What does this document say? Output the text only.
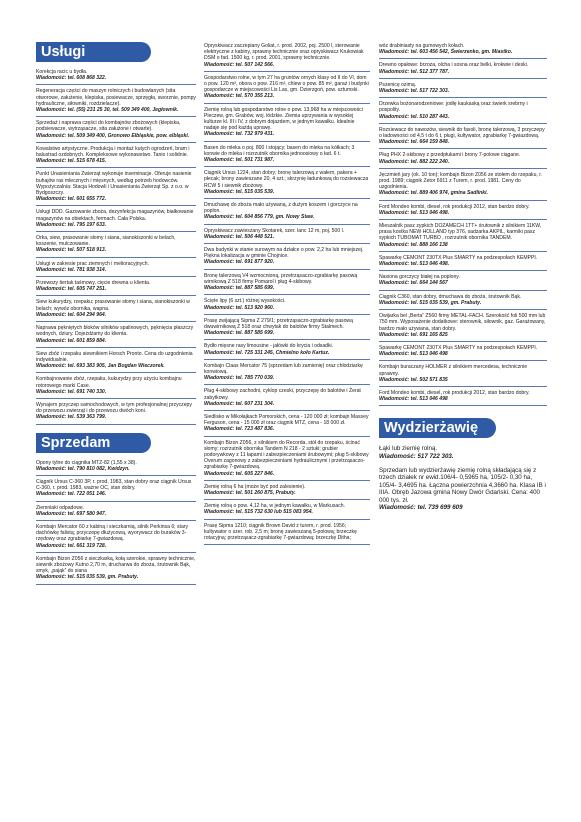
Usługi
Korekcja racic u bydła.
Wiadomość: tel. 608 868 322.
Regeneracja części do maszyn rolniczych i budowlanych (sita otworowe, załużenie, klepiska, posiewacze, sprzęgła, sworznie, pompy hydrauliczne, siłowniki, rozdzielacze).
Wiadomość: tel. (55) 231 25 30, tel. 509 349 400, Jegłownik.
Sprzedaż i naprawa części do kombajnów zbożowych (klepiska, podsiewacze, wytrząsacze, sita załużone i otwarte).
Wiadomość: tel. 509 349 400, Gronowo Elbląskie, pow. elbląski.
Kowalstwo artystyczne. Produkcja i montaż kutych ogrodzeń, bram i balustrad ozdobnych. Kompleksowe wykonawstwo. Tanio i solidnie.
Wiadomość: tel. 515 678 415.
Punkt Unasieniania Zwierząt wykonuje inseminacje. Oferuje nasienie buhajów ras mlecznych i mięsnych, według potrzeb hodowców. Wypożyczalnia: Stacja Hodowli i Unasieniania Zwierząt Sp. z o.o. w Bydgoszczy.
Wiadomość: tel. 601 655 772.
Usługi DDD. Gazowanie zboża, dezynfekcja magazynów, białkowanie magazynów na obiektach, fermach. Cała Polska.
Wiadomość: tel. 795 197 633.
Orka, siew, prasowanie słomy i siana, sianokiszonki w belach, koszenie, mulczowanie.
Wiadomość: tel. 507 518 913.
Usługi w zakresie prac ziemnych i melioracyjnych.
Wiadomość: tel. 781 938 314.
Przewozy tiertak taśmowy, cięcie drewna u klienta.
Wiadomość: tel. 605 747 251.
Siew kukurydzy, rzepaku; prasowanie słomy i siana, sianokiszonki w belach; wywóz obornika, wapna.
Wiadomość: tel. 604 294 964.
Naprawa pękniętych bloków silników spalinowych, pęknięcia płaszczy wodnych, dziury. Dojeżdżamy do klienta.
Wiadomość: tel. 601 859 884.
Siew zbóż i rzepaku siewnikiem Horsch Pronto. Cena do uzgodnienia indywidualnie.
Wiadomość: tel. 693 383 905, Jan Bogdan Wieczorek.
Kombajnowanie zbóż, rzepaku, kukurydzy przy użyciu kombajnu rotorowego marki Case.
Wiadomość: tel. 691 740 330.
Wynajem przyczep samochodowych, w tym profesjonalnej przyczepy do przewozu zwierząt i do przewozu dwóch koni.
Wiadomość: tel. 539 363 799.
Sprzedam
Opony tylne do ciągnika MTZ-82 (1,55 x 38).
Wiadomość: tel. 790 810 082, Kwidzyn.
Ciągnik Ursus C-360 3P, r. prod. 1983, stan dobry oraz ciągnik Ursus C-360, r. prod. 1983, ważne OC, stan dobry.
Wiadomość: tel. 722 051 146.
Ziemniaki odpadowe.
Wiadomość: tel. 697 580 947.
Kombajn Mercator 60 z kabiną i sieczkarnią, silnik Perkinsa 6; stary dachówkę falistą; przyczepę dłużycową, wyorywacz do buraków 3-rzędowy oraz zgrabiarkę 7-gwiazdową.
Wiadomość: tel. 661 319 728.
Kombajn Bizon Z056 z sieczkarką, kołą szerokie, sprawny technicznie, siewnik zbożowy Kutno 2,70 m, drucharwa do zboża, śrutownik Bąk, smyk, „pająk” do siana
Wiadomość: tel. 515 035 539, gm. Prabuty.
Opryskiwacz zaczepiany Goliat, r. prod. 2002, poj. 2500 l, sterowanie elektryczne z kabiny, sprawny technicznie oraz opryskiwacz Krukowiak DSM o fad. 1500 kg, r. prod. 2001, sprawny technicznie.
Wiadomość: tel. 507 142 566.
Gospodarstwo rolne, w tym 27 ha gruntów ornych klasy od II do VI, dom o pow. 120 m², obora o pow. 216 m², chlew o pow. 85 m², garaż i budynki gospodarcze w miejscowości Lis Las, gm. Dzierzgoń, pow. sztumski.
Wiadomość: tel. 570 355 213.
Ziemię rolną lub gospodarstwo rolne o pow. 13,968 ha w miejscowości Pieczew, gm. Grabów, woj. łódzkie. Ziemia uprzywania w wysokiej kulturze kl. III i IV, z dobrym dojazdem, w jednym kawałku. Idealnie nadaje się pod każdą uprawę.
Wiadomość: tel. 732 979 431.
Basen do mleka o poj. 800 l stojący; basen do mleka na kółkach; 3 konwie do mleka i rozrzutnik obornika jednoosiowy o ład. 6 t.
Wiadomość: tel. 501 731 987.
Ciągnik Ursus 1224, stan dobry; bronę talerzową z wałem, pakera + płecak; brony zawieszane 20, 4 szt.; skrzynię ładunkową do rozsiewacza RCW 5 i siewnik zbożowy.
Wiadomość: tel. 515 035 539.
Dmuchawę do zboża mało używaną, z dużym koszem i gorczyce na poplon.
Wiadomość: tel. 604 856 779, gm. Nowy Staw.
Opryskiwacz zawieszany Skotarek, szer. lanc 12 m, poj. 500 l.
Wiadomość: tel. 506 448 521.
Dwa budynki w stanie surowym na działce o pow. 2,2 ha lub mniejszej. Piękna lokalizacja w gminie Chojnice.
Wiadomość: tel. 691 877 920.
Bronę talerzową V4 wzmocnioną, przetrząsaczo-zgrabiarkę pasową wirnikową Z 518 firmy Pomarol i pług 4-skibowy.
Wiadomość: tel. 887 585 699.
Ścięte lipy (6 szt.) różnej wysokości.
Wiadomość: tel. 513 920 960.
Prasę zwijającą Sipma Z 279/1; przetrząsaczo-zgrabiarkę pasową dwuwirnikową Z 518 oraz chwytak do balotów firmy Stalmech.
Wiadomość: tel. 887 585 699.
Bydło mięsne rasy limousine - jałówki do krycia i odsadki.
Wiadomość: tel. 725 331 245, Chmielno koło Kartuz.
Kombajn Claas Mercator 75 (sprzedam lub zamienię) oraz chłodziarkę konwiową.
Wiadomość: tel. 785 770 039.
Pług 4-skibowy zachodni, cyklop czeski, przyczepę do balotów i Żerat zabytkowy.
Wiadomość: tel. 607 231 304.
Siedlisko w Mikołajkach Pomorskich, cena - 120 000 zł; kombajn Massey Ferguson, cena - 15 000 zł oraz ciągnik MTZ, cena - 18 000 zł.
Wiadomość: tel. 723 487 836.
Kombajn Bizon Z056, z silnikiem do Recorda, stół do rzepaku, ścinać słomy; rozrzutnik obornika Tandem N 218 - 2 sztuki; grubier podorywkowy z 11 łapami i zabezpieczeniami śrubowymi; pług 5-skibowy Overum zagonowy z zabezpieczeniami hydraulicznymi i przetrząsaczo-zgrabiarkę 7-gwiazdową.
Wiadomość: tel. 605 227 846.
Ziemię rolną 6 ha (może być pod zalesienie).
Wiadomość: tel. 501 260 875, Prabuty.
Ziemię rolną o pow. 4,12 ha, w jednym kawałku, w Markusach.
Wiadomość: tel. 515 732 630 lub 515 083 954.
Prasę Sipma 1210; ciągnik Brown David z turem, r. prod. 1956; kultywator o szer. rob. 2,5 m; bronę zawieszaną 5-polową; brzeczkę rotacyjną; przetrząsacz-zgrabiarkę 7-gwiazdową; brzeczkę Ditha;
wóz drabiniasty na gumowych kołach.
Wiadomość: tel. 603 456 542, Świerzenko, gm. Miastko.
Drewno opałowe: brzoza, olcha i sosna oraz belki, krokwie i deski.
Wiadomość: tel. 512 377 787.
Pszenicę ozimą.
Wiadomość: tel. 517 722 303.
Drzewka bożonarodzeniowe: jodłę kaukaską oraz świerk srebrny i pospolity.
Wiadomość: tel. 510 287 443.
Rozsiewacz do nawozów, siewnik do fasoli, bronę talerzową, 3 przyczepy o ładowności od 4,5 t do 6 t, pługi, kultywator, zgrabiarkę 7-gwiazdową.
Wiadomość: tel. 664 159 848.
Pług PHX 2-skibowy z przedpłukami i brony 7-polowe ciągane.
Wiadomość: tel. 882 222 240.
Jęczmień jary (ok. 10 ton); kombajn Bizon Z056 ze stołem do rzepaku, r. prod. 1989; ciągnik Zetor 6911 z Turem, r. prod. 1981. Ceny do uzgodnienia.
Wiadomość: tel. 889 406 974, gmina Sadlinki.
Ford Mondeo kombi, diesel, rok produkcji 2012, stan bardzo dobry.
Wiadomość: tel. 513 046 498.
Mieszalnik pasz zypkich DOZAMECH 1TT+ śrutownik z silnikiem 11KW, prasa kostka NEW HOLLAND typ 376, sadzarka AKPIL, karmiki pasz sypkich TUBOMAT TURBO , rozrzutnik obornika TANDEM.
Wiadomość: tel. 888 166 138
Spawarkę CEMONT 230TX Plus SMARTY na podzespołach KEMPPI.
Wiadomość: tel. 513 046 498.
Nasiona gorczycy białej na poplony.
Wiadomość: tel. 664 144 567
Ciągnik C360, stan dobry, dmuchawa do zboża, śrutownik Bąk.
Wiadomość: tel. 515 035 539, gm. Prabuty.
Owijarka bel „Berta” Z560 firmy METAL-FACH. Szerokość foli 500 mm lub 750 mm. Wyposażenie dodatkowe: sterownik, siłownik, gaz. Garażowany, bardzo mało używana, stan dobry.
Wiadomość: tel. 691 165 825
Spawarkę CEMONT 230TX Plus SMARTY na podzespołach KEMPPI.
Wiadomość: tel. 513 046 498
Kombajn buraczany HOLMER z silnikiem mercedesa, technicznie sprawny.
Wiadomość: tel. 502 571 835
Ford Mondeo kombi, diesel, rok produkcji 2012, stan bardzo dobry.
Wiadomość: tel. 513 046 498
Wydzierżawię
Łąki lub ziemię rolną.
Wiadomość: 517 722 303.
Sprzedam lub wydzierżawię ziemię rolną składającą się z trzech działek nr ewid.106/4- 0,5965 ha, 105/2- 0,30 ha, 105/4- 3,4695 ha. Łączna powierzchnia 4,3660 ha. Klasa IB i IIIA. Obręb Jazowa gmina Nowy Dwór Gdański. Cena: 400 000 tys. zł.
Wiadomość: tel. 739 699 609
